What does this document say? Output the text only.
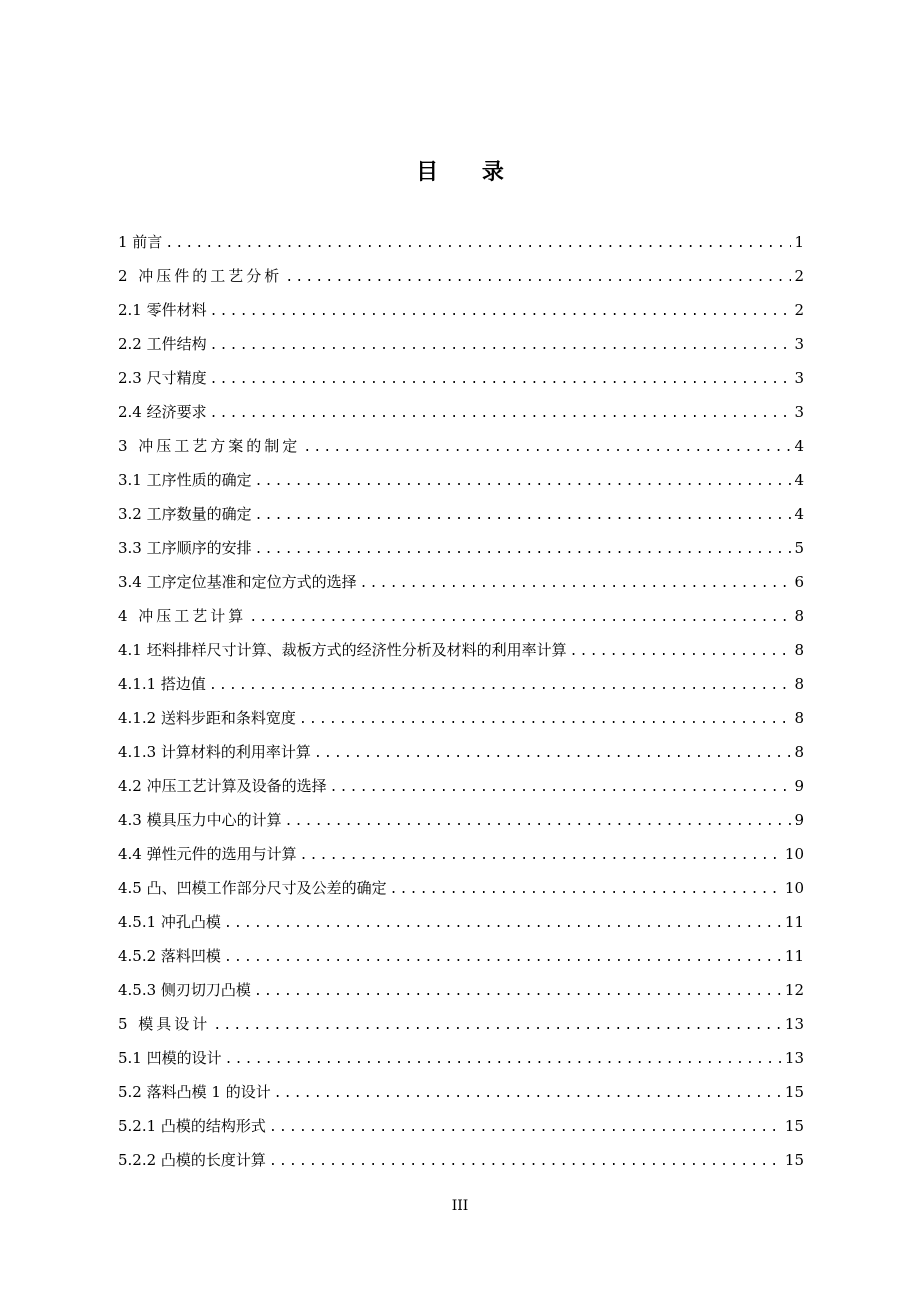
目 录
1 前言 .....	1
2 冲压件的工艺分析 .....	2
2.1 零件材料 .....	2
2.2 工件结构 .....	3
2.3 尺寸精度 .....	3
2.4 经济要求 .....	3
3 冲压工艺方案的制定 .....	4
3.1 工序性质的确定 .....	4
3.2 工序数量的确定 .....	4
3.3 工序顺序的安排 .....	5
3.4 工序定位基准和定位方式的选择 .....	6
4 冲压工艺计算 .....	8
4.1 坯料排样尺寸计算、裁板方式的经济性分析及材料的利用率计算 .....	8
4.1.1 搭边值 .....	8
4.1.2 送料步距和条料宽度 .....	8
4.1.3 计算材料的利用率计算 .....	8
4.2 冲压工艺计算及设备的选择 .....	9
4.3 模具压力中心的计算 .....	9
4.4 弹性元件的选用与计算 .....	10
4.5 凸、凹模工作部分尺寸及公差的确定 .....	10
4.5.1 冲孔凸模 .....	11
4.5.2 落料凹模 .....	11
4.5.3 侧刃切刀凸模 .....	12
5 模具设计 .....	13
5.1 凹模的设计 .....	13
5.2 落料凸模 1 的设计 .....	15
5.2.1 凸模的结构形式 .....	15
5.2.2 凸模的长度计算 .....	15
III
